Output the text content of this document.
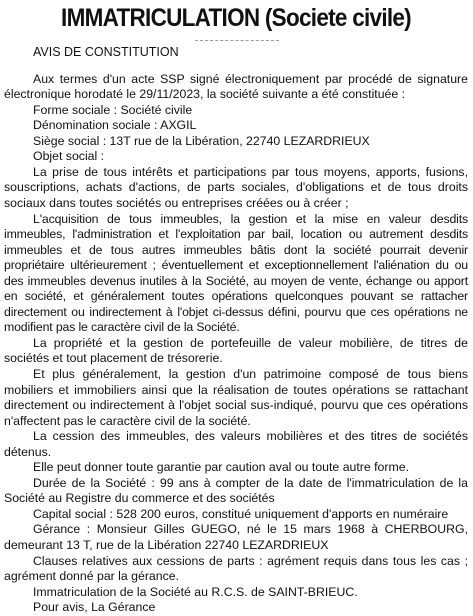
IMMATRICULATION (Societe civile)
AVIS DE CONSTITUTION

Aux termes d'un acte SSP signé électroniquement par procédé de signature électronique horodaté le 29/11/2023, la société suivante a été constituée :

Forme sociale : Société civile

Dénomination sociale : AXGIL

Siège social : 13T rue de la Libération, 22740 LEZARDRIEUX

Objet social :

La prise de tous intérêts et participations par tous moyens, apports, fusions, souscriptions, achats d'actions, de parts sociales, d'obligations et de tous droits sociaux dans toutes sociétés ou entreprises créées ou à créer ;

L'acquisition de tous immeubles, la gestion et la mise en valeur desdits immeubles, l'administration et l'exploitation par bail, location ou autrement desdits immeubles et de tous autres immeubles bâtis dont la société pourrait devenir propriétaire ultérieurement ; éventuellement et exceptionnellement l'aliénation du ou des immeubles devenus inutiles à la Société, au moyen de vente, échange ou apport en société, et généralement toutes opérations quelconques pouvant se rattacher directement ou indirectement à l'objet ci-dessus défini, pourvu que ces opérations ne modifient pas le caractère civil de la Société.

La propriété et la gestion de portefeuille de valeur mobilière, de titres de sociétés et tout placement de trésorerie.

Et plus généralement, la gestion d'un patrimoine composé de tous biens mobiliers et immobiliers ainsi que la réalisation de toutes opérations se rattachant directement ou indirectement à l'objet social sus-indiqué, pourvu que ces opérations n'affectent pas le caractère civil de la société.

La cession des immeubles, des valeurs mobilières et des titres de sociétés détenus.

Elle peut donner toute garantie par caution aval ou toute autre forme.

Durée de la Société : 99 ans à compter de la date de l'immatriculation de la Société au Registre du commerce et des sociétés

Capital social : 528 200 euros, constitué uniquement d'apports en numéraire

Gérance : Monsieur Gilles GUEGO, né le 15 mars 1968 à CHERBOURG, demeurant 13 T, rue de la Libération 22740 LEZARDRIEUX

Clauses relatives aux cessions de parts : agrément requis dans tous les cas ; agrément donné par la gérance.

Immatriculation de la Société au R.C.S. de SAINT-BRIEUC.

Pour avis, La Gérance
